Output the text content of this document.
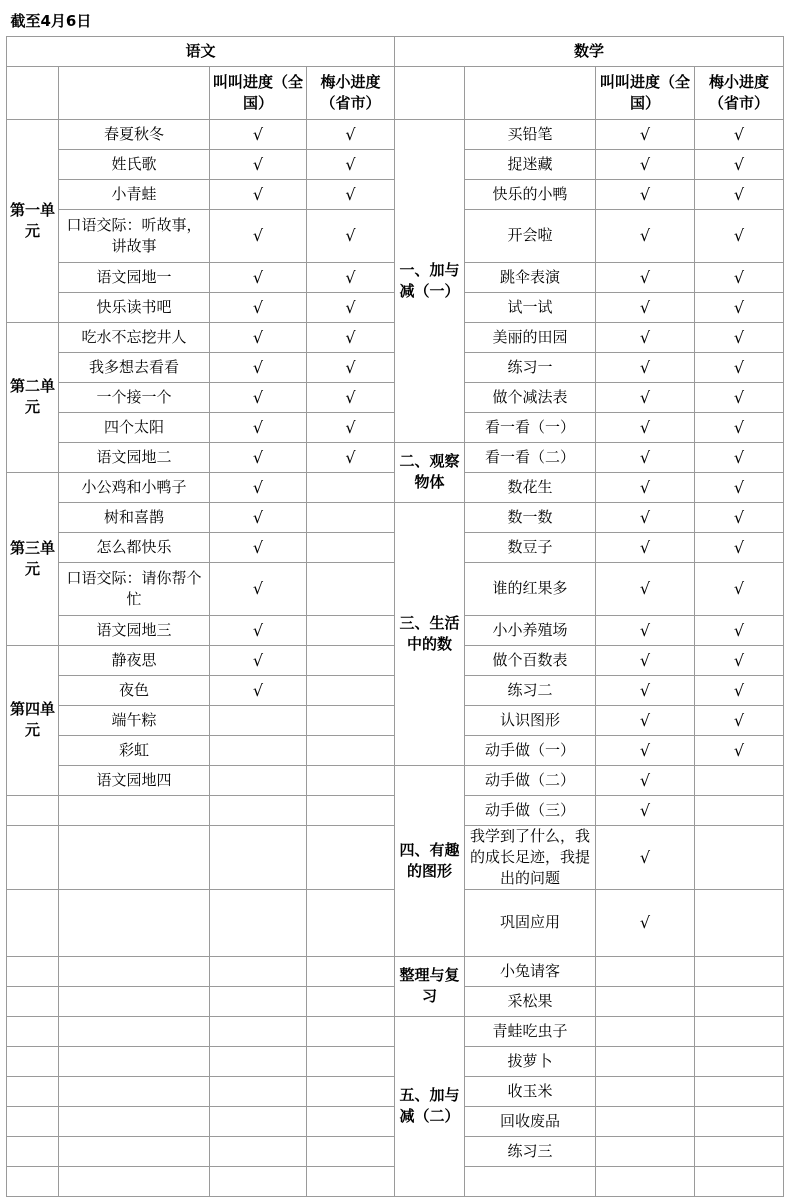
截至4月6日							
语文				数学			
		叫叫进度（全国）	梅小进度（省市）			叫叫进度（全国）	梅小进度（省市）
第一单元	春夏秋冬	√	√	一、加与减（一）	买铅笔	√	√
	姓氏歌	√	√		捉迷藏	√	√
	小青蛙	√	√		快乐的小鸭	√	√
	口语交际：听故事，讲故事	√	√		开会啦	√	√
	语文园地一	√	√		跳伞表演	√	√
	快乐读书吧	√	√		试一试	√	√
第二单元	吃水不忘挖井人	√	√		美丽的田园	√	√
	我多想去看看	√	√		练习一	√	√
	一个接一个	√	√		做个减法表	√	√
	四个太阳	√	√		看一看（一）	√	√
	语文园地二	√	√	二、观察物体	看一看（二）	√	√
第三单元	小公鸡和小鸭子	√			数花生	√	√
	树和喜鹊	√		三、生活中的数	数一数	√	√
	怎么都快乐	√			数豆子	√	√
	口语交际：请你帮个忙	√			谁的红果多	√	√
	语文园地三	√			小小养殖场	√	√
第四单元	静夜思	√			做个百数表	√	√
	夜色	√			练习二	√	√
	端午粽				认识图形	√	√
	彩虹				动手做（一）	√	√
	语文园地四			四、有趣的图形	动手做（二）	√	
					动手做（三）	√	
					我学到了什么，我的成长足迹，我提出的问题	√	
					巩固应用	√	
				整理与复习	小兔请客		
					采松果		
				五、加与减（二）	青蛙吃虫子		
					拔萝卜		
					收玉米		
					回收废品		
					练习三		
